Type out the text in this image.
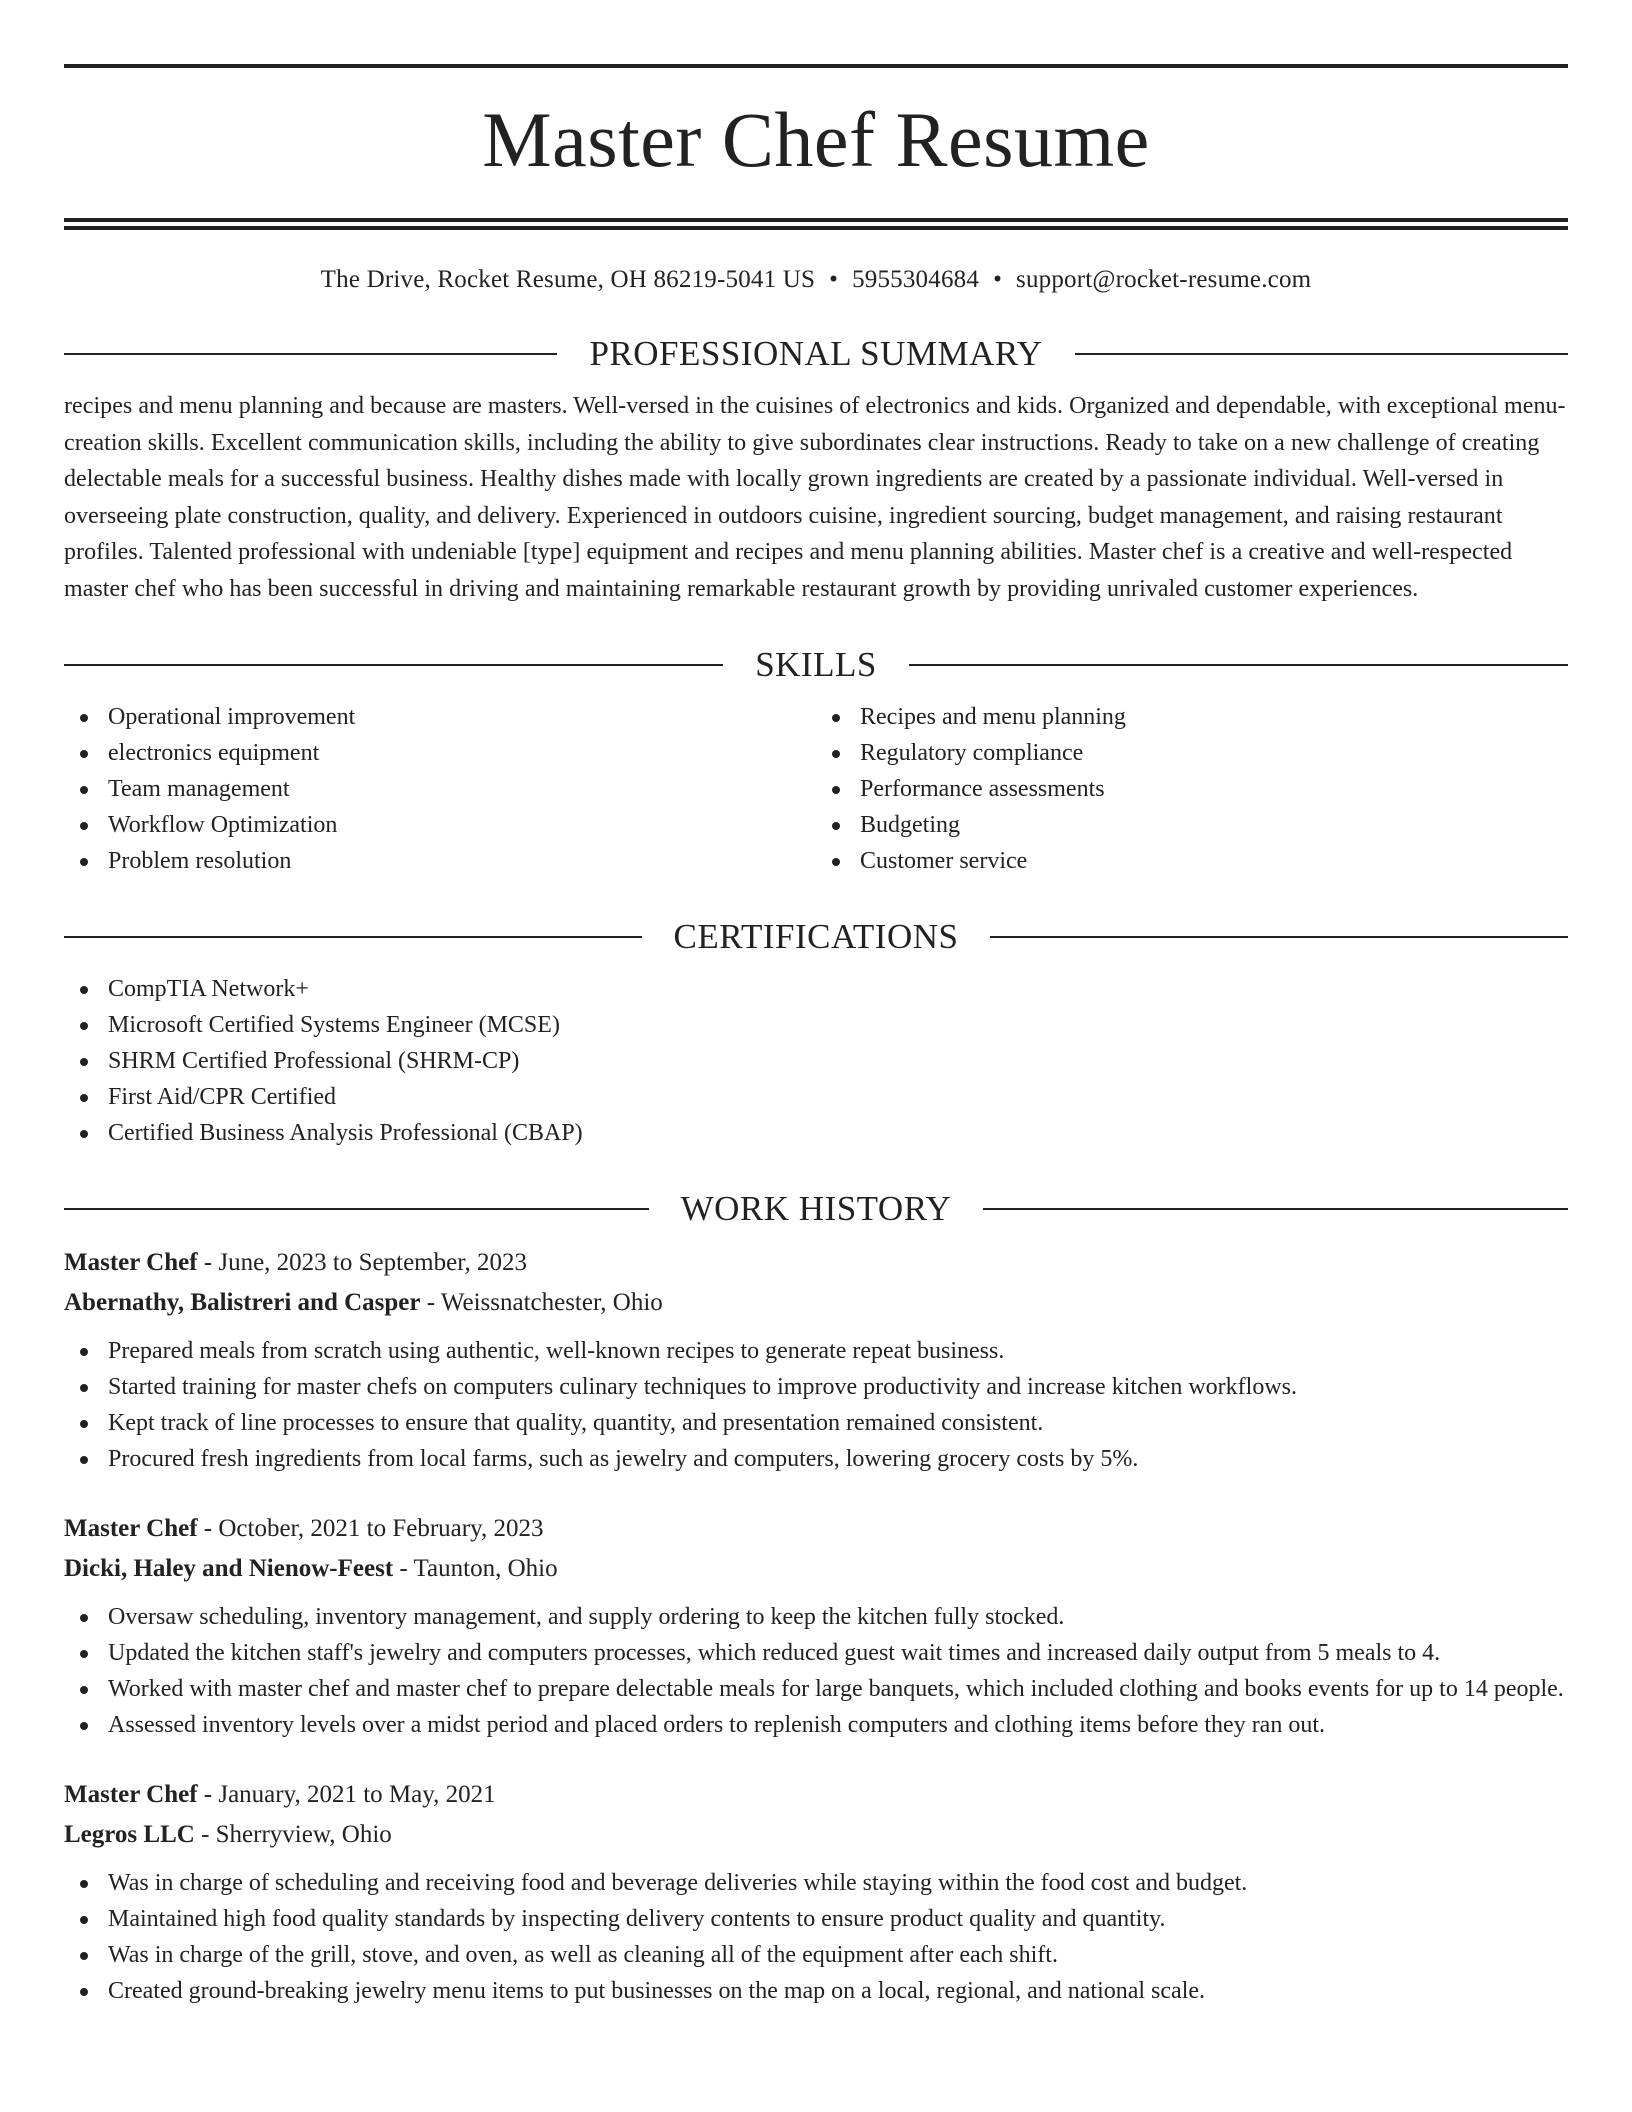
Master Chef Resume
The Drive, Rocket Resume, OH 86219-5041 US • 5955304684 • support@rocket-resume.com
PROFESSIONAL SUMMARY

recipes and menu planning and because are masters. Well-versed in the cuisines of electronics and kids. Organized and dependable, with exceptional menu-creation skills. Excellent communication skills, including the ability to give subordinates clear instructions. Ready to take on a new challenge of creating delectable meals for a successful business. Healthy dishes made with locally grown ingredients are created by a passionate individual. Well-versed in overseeing plate construction, quality, and delivery. Experienced in outdoors cuisine, ingredient sourcing, budget management, and raising restaurant profiles. Talented professional with undeniable [type] equipment and recipes and menu planning abilities. Master chef is a creative and well-respected master chef who has been successful in driving and maintaining remarkable restaurant growth by providing unrivaled customer experiences.

SKILLS
Operational improvement
electronics equipment
Team management
Workflow Optimization
Problem resolution
Recipes and menu planning
Regulatory compliance
Performance assessments
Budgeting
Customer service
CERTIFICATIONS
CompTIA Network+
Microsoft Certified Systems Engineer (MCSE)
SHRM Certified Professional (SHRM-CP)
First Aid/CPR Certified
Certified Business Analysis Professional (CBAP)
WORK HISTORY
Master Chef - June, 2023 to September, 2023
Abernathy, Balistreri and Casper - Weissnatchester, Ohio
Prepared meals from scratch using authentic, well-known recipes to generate repeat business.
Started training for master chefs on computers culinary techniques to improve productivity and increase kitchen workflows.
Kept track of line processes to ensure that quality, quantity, and presentation remained consistent.
Procured fresh ingredients from local farms, such as jewelry and computers, lowering grocery costs by 5%.
Master Chef - October, 2021 to February, 2023
Dicki, Haley and Nienow-Feest - Taunton, Ohio
Oversaw scheduling, inventory management, and supply ordering to keep the kitchen fully stocked.
Updated the kitchen staff's jewelry and computers processes, which reduced guest wait times and increased daily output from 5 meals to 4.
Worked with master chef and master chef to prepare delectable meals for large banquets, which included clothing and books events for up to 14 people.
Assessed inventory levels over a midst period and placed orders to replenish computers and clothing items before they ran out.
Master Chef - January, 2021 to May, 2021
Legros LLC - Sherryview, Ohio
Was in charge of scheduling and receiving food and beverage deliveries while staying within the food cost and budget.
Maintained high food quality standards by inspecting delivery contents to ensure product quality and quantity.
Was in charge of the grill, stove, and oven, as well as cleaning all of the equipment after each shift.
Created ground-breaking jewelry menu items to put businesses on the map on a local, regional, and national scale.
